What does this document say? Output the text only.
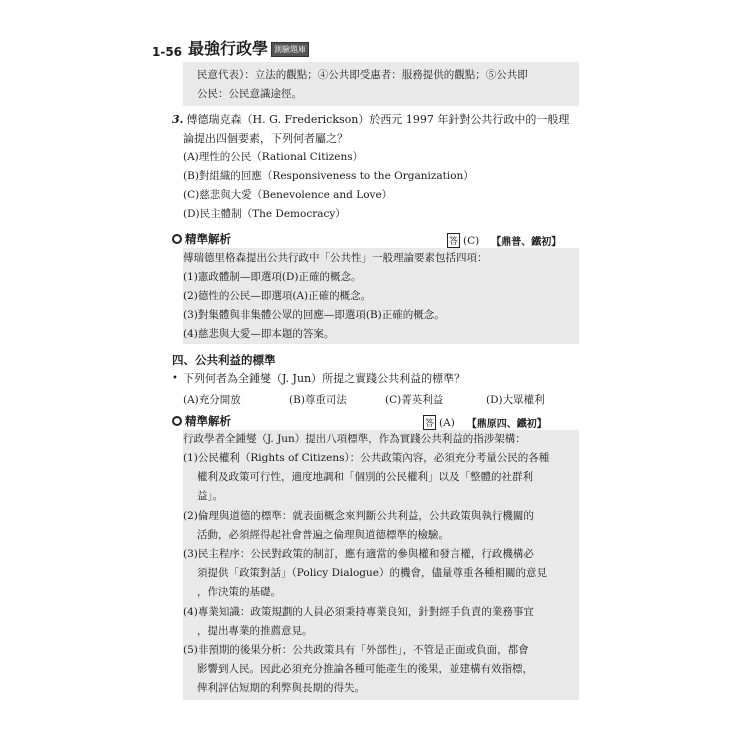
1-56 最強行政學 測驗題庫
民意代表）：立法的觀點；④公共即受惠者：服務提供的觀點；⑤公共即
公民：公民意識途徑。
3. 傅德瑞克森（H. G. Frederickson）於西元 1997 年針對公共行政中的一般理
論提出四個要素，下列何者屬之？
(A)理性的公民（Rational Citizens）
(B)對組織的回應（Responsiveness to the Organization）
(C)慈悲與大愛（Benevolence and Love）
(D)民主體制（The Democracy）
精準解析	答 (C) 【鼎普、鐵初】
傅瑞德里格森提出公共行政中「公共性」一般理論要素包括四項：
(1)憲政體制—即選項(D)正確的概念。
(2)德性的公民—即選項(A)正確的概念。
(3)對集體與非集體公眾的回應—即選項(B)正確的概念。
(4)慈悲與大愛—即本題的答案。
四、公共利益的標準
• 下列何者為全鍾燮（J. Jun）所提之實踐公共利益的標準？
(A)充分開放	(B)尊重司法	(C)菁英利益	(D)大眾權利
精準解析	答 (A) 【鼎原四、鐵初】
行政學者全鍾燮（J. Jun）提出八項標準，作為實踐公共利益的指涉架構：
(1)公民權利（Rights of Citizens）：公共政策內容，必須充分考量公民的各種
權利及政策可行性，適度地調和「個別的公民權利」以及「整體的社群利
益」。
(2)倫理與道德的標準：就表面概念來判斷公共利益，公共政策與執行機關的
活動，必須經得起社會普遍之倫理與道德標準的檢驗。
(3)民主程序：公民對政策的制訂，應有適當的參與權和發言權，行政機構必
須提供「政策對話」（Policy Dialogue）的機會，儘量尊重各種相關的意見
，作決策的基礎。
(4)專業知識：政策規劃的人員必須秉持專業良知，針對經手負責的業務事宜
，提出專業的推薦意見。
(5)非預期的後果分析：公共政策具有「外部性」，不管是正面或負面，都會
影響到人民。因此必須充分推論各種可能產生的後果，並建構有效指標，
俾利評估短期的利弊與長期的得失。
